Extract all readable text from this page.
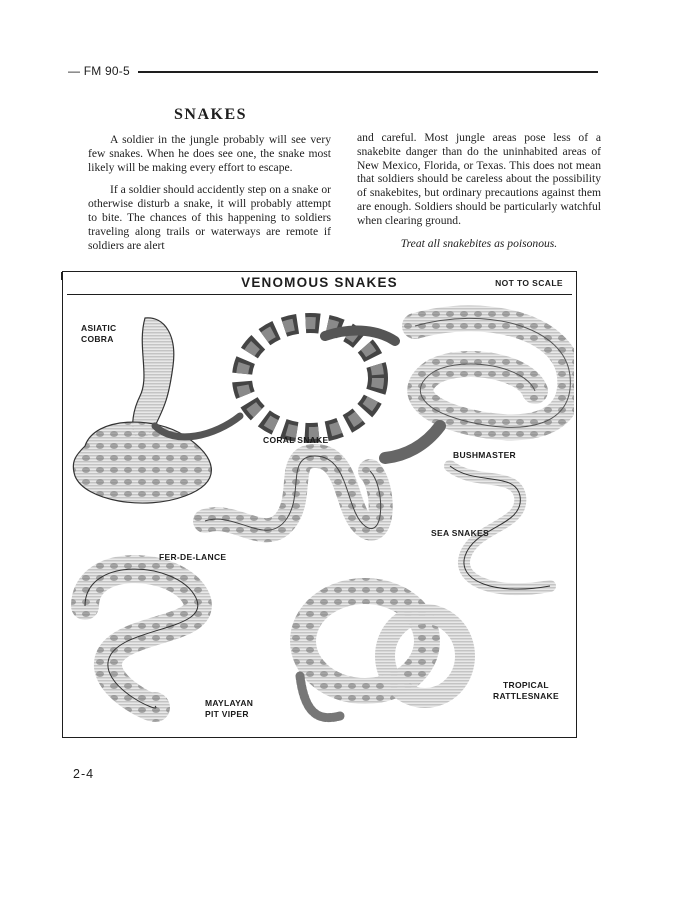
— FM 90-5
SNAKES

A soldier in the jungle probably will see very few snakes. When he does see one, the snake most likely will be making every effort to escape.

If a soldier should accidently step on a snake or otherwise disturb a snake, it will probably attempt to bite. The chances of this happening to soldiers traveling along trails or waterways are remote if soldiers are alert

and careful. Most jungle areas pose less of a snakebite danger than do the uninhabited areas of New Mexico, Florida, or Texas. This does not mean that soldiers should be careless about the possibility of snakebites, but ordinary precautions against them are enough. Soldiers should be particularly watchful when clearing ground.

Treat all snakebites as poisonous.

VENOMOUS SNAKES	NOT TO SCALE
ASIATIC
COBRA
CORAL SNAKE
BUSHMASTER
SEA SNAKES
FER-DE-LANCE
MAYLAYAN
PIT VIPER
TROPICAL
RATTLESNAKE
2-4
